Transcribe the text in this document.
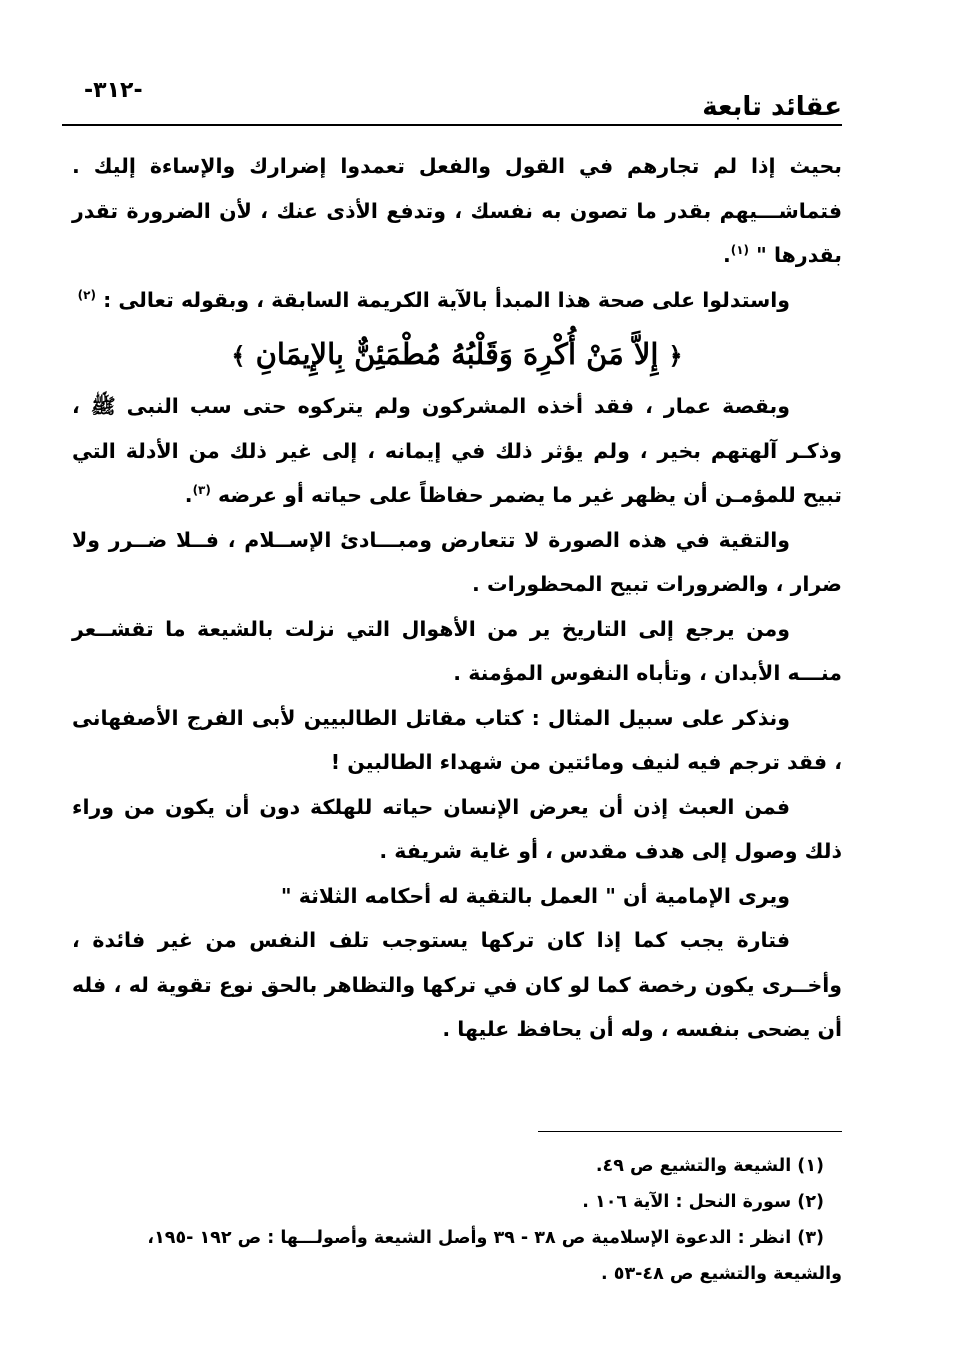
-٣١٢-
عقائد تابعة

بحيث إذا لم تجارهم في القول والفعل تعمدوا إضرارك والإساءة إليك . فتماشـــيهم بقدر ما تصون به نفسك ، وتدفع الأذى عنك ، لأن الضرورة تقدر بقدرها " $^{(١)}$.

واستدلوا على صحة هذا المبدأ بالآية الكريمة السابقة ، وبقوله تعالى : $^{(٢)}$

﴿ إِلاَّ مَنْ أُكْرِهَ وَقَلْبُهُ مُطْمَئِنٌّ بِالإِيمَانِ ﴾

وبقصة عمار ، فقد أخذه المشركون ولم يتركوه حتى سب النبى ﷺ ، وذكـر آلهتهم بخير ، ولم يؤثر ذلك في إيمانه ، إلى غير ذلك من الأدلة التي تبيح للمؤمـن أن يظهر غير ما يضمر حفاظاً على حياته أو عرضه $^{(٣)}$.

والتقية في هذه الصورة لا تتعارض ومبـــادئ الإســلام ، فــلا ضــرر ولا ضرار ، والضرورات تبيح المحظورات .

ومن يرجع إلى التاريخ ير من الأهوال التي نزلت بالشيعة ما تقشــعر منـــه الأبدان ، وتأباه النفوس المؤمنة .

ونذكر على سبيل المثال : كتاب مقاتل الطالبيين لأبى الفرج الأصفهانى ، فقد ترجم فيه لنيف ومائتين من شهداء الطالبين !

فمن العبث إذن أن يعرض الإنسان حياته للهلكة دون أن يكون من وراء ذلك وصول إلى هدف مقدس ، أو غاية شريفة .

ويرى الإمامية أن " العمل بالتقية له أحكامه الثلاثة "

فتارة يجب كما إذا كان تركها يستوجب تلف النفس من غير فائدة ، وأخــرى يكون رخصة كما لو كان في تركها والتظاهر بالحق نوع تقوية له ، فله أن يضحى بنفسه ، وله أن يحافظ عليها .

(١) الشيعة والتشيع ص ٤٩.

(٢) سورة النحل : الآية ١٠٦ .

(٣) انظر : الدعوة الإسلامية ص ٣٨ - ٣٩ وأصل الشيعة وأصولـــها : ص ١٩٢ -١٩٥،

والشيعة والتشيع ص ٤٨-٥٣ .
